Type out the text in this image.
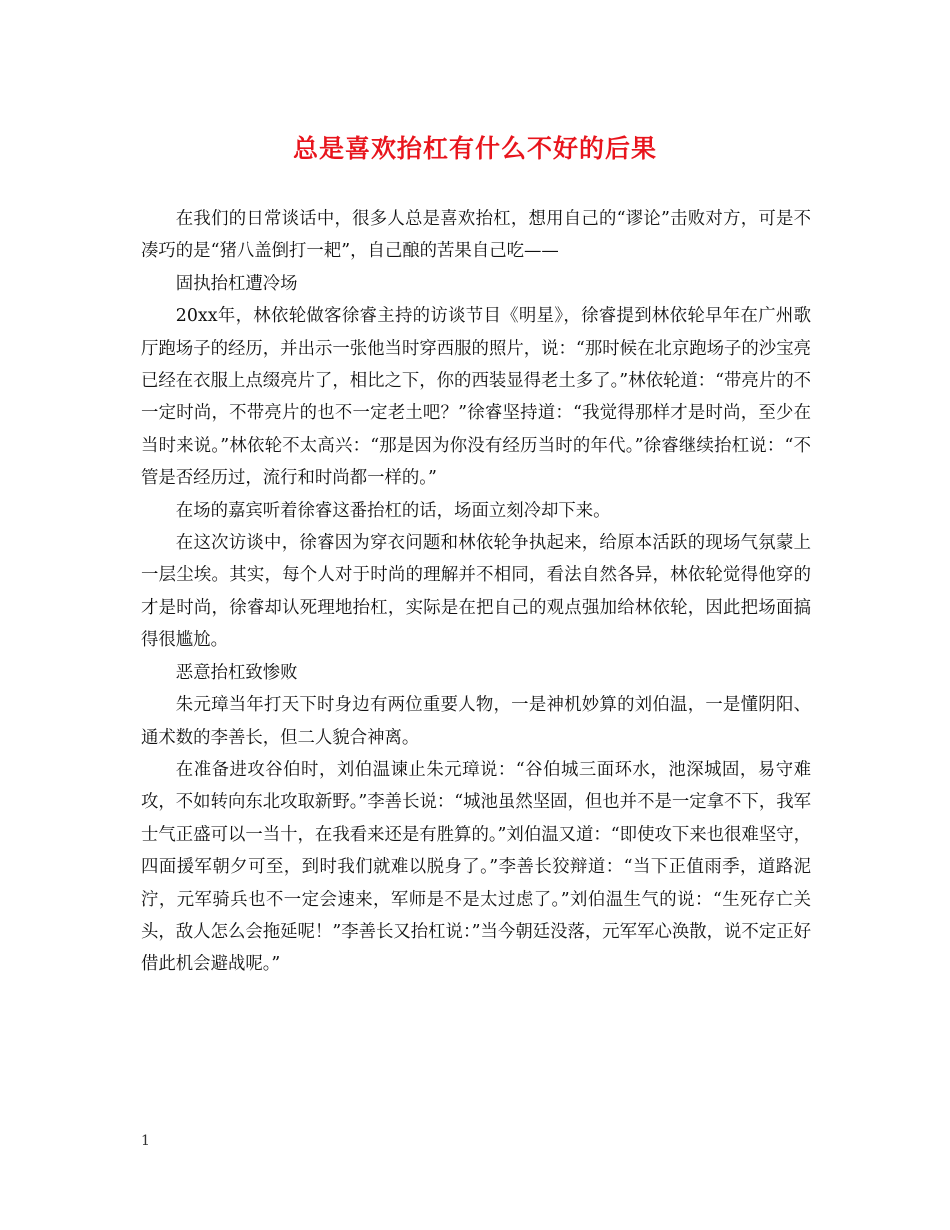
总是喜欢抬杠有什么不好的后果

在我们的日常谈话中，很多人总是喜欢抬杠，想用自己的“谬论”击败对方，可是不凑巧的是“猪八盖倒打一耙”，自己酿的苦果自己吃——

固执抬杠遭冷场

20xx年，林依轮做客徐睿主持的访谈节目《明星》，徐睿提到林依轮早年在广州歌厅跑场子的经历，并出示一张他当时穿西服的照片，说：“那时候在北京跑场子的沙宝亮已经在衣服上点缀亮片了，相比之下，你的西装显得老土多了。”林依轮道：“带亮片的不一定时尚，不带亮片的也不一定老土吧？”徐睿坚持道：“我觉得那样才是时尚，至少在当时来说。”林依轮不太高兴：“那是因为你没有经历当时的年代。”徐睿继续抬杠说：“不管是否经历过，流行和时尚都一样的。”

在场的嘉宾听着徐睿这番抬杠的话，场面立刻冷却下来。

在这次访谈中，徐睿因为穿衣问题和林依轮争执起来，给原本活跃的现场气氛蒙上一层尘埃。其实，每个人对于时尚的理解并不相同，看法自然各异，林依轮觉得他穿的才是时尚，徐睿却认死理地抬杠，实际是在把自己的观点强加给林依轮，因此把场面搞得很尴尬。

恶意抬杠致惨败

朱元璋当年打天下时身边有两位重要人物，一是神机妙算的刘伯温，一是懂阴阳、通术数的李善长，但二人貌合神离。

在准备进攻谷伯时，刘伯温谏止朱元璋说：“谷伯城三面环水，池深城固，易守难攻，不如转向东北攻取新野。”李善长说：“城池虽然坚固，但也并不是一定拿不下，我军士气正盛可以一当十，在我看来还是有胜算的。”刘伯温又道：“即使攻下来也很难坚守，四面援军朝夕可至，到时我们就难以脱身了。”李善长狡辩道：“当下正值雨季，道路泥泞，元军骑兵也不一定会速来，军师是不是太过虑了。”刘伯温生气的说：“生死存亡关头，敌人怎么会拖延呢！”李善长又抬杠说：”当今朝廷没落，元军军心涣散，说不定正好借此机会避战呢。”

1
